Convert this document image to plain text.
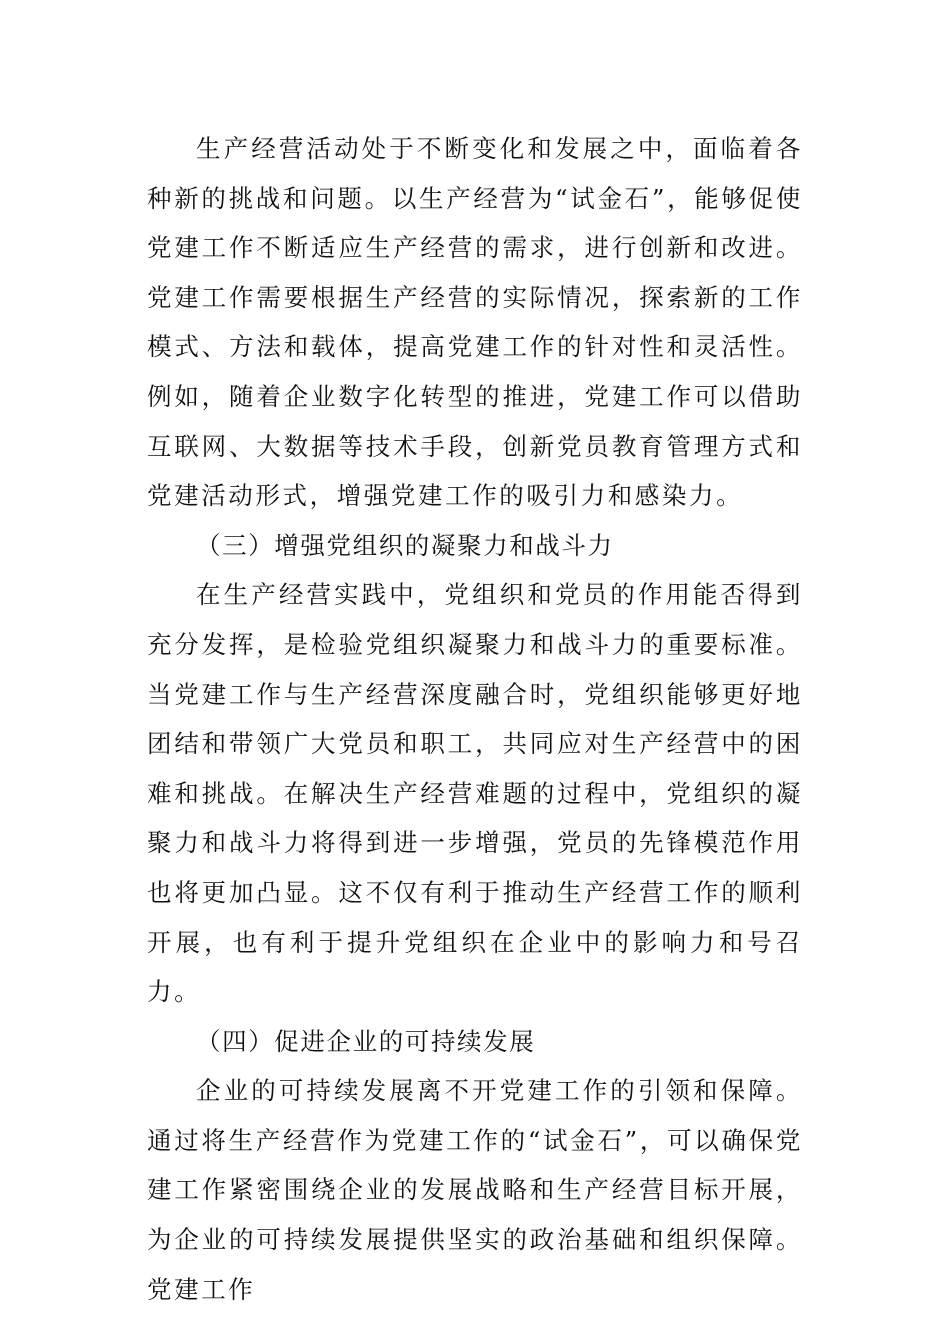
生产经营活动处于不断变化和发展之中，面临着各种新的挑战和问题。以生产经营为“试金石”，能够促使党建工作不断适应生产经营的需求，进行创新和改进。党建工作需要根据生产经营的实际情况，探索新的工作模式、方法和载体，提高党建工作的针对性和灵活性。例如，随着企业数字化转型的推进，党建工作可以借助互联网、大数据等技术手段，创新党员教育管理方式和党建活动形式，增强党建工作的吸引力和感染力。

（三）增强党组织的凝聚力和战斗力

在生产经营实践中，党组织和党员的作用能否得到充分发挥，是检验党组织凝聚力和战斗力的重要标准。当党建工作与生产经营深度融合时，党组织能够更好地团结和带领广大党员和职工，共同应对生产经营中的困难和挑战。在解决生产经营难题的过程中，党组织的凝聚力和战斗力将得到进一步增强，党员的先锋模范作用也将更加凸显。这不仅有利于推动生产经营工作的顺利开展，也有利于提升党组织在企业中的影响力和号召力。

（四）促进企业的可持续发展

企业的可持续发展离不开党建工作的引领和保障。通过将生产经营作为党建工作的“试金石”，可以确保党建工作紧密围绕企业的发展战略和生产经营目标开展，为企业的可持续发展提供坚实的政治基础和组织保障。党建工作
